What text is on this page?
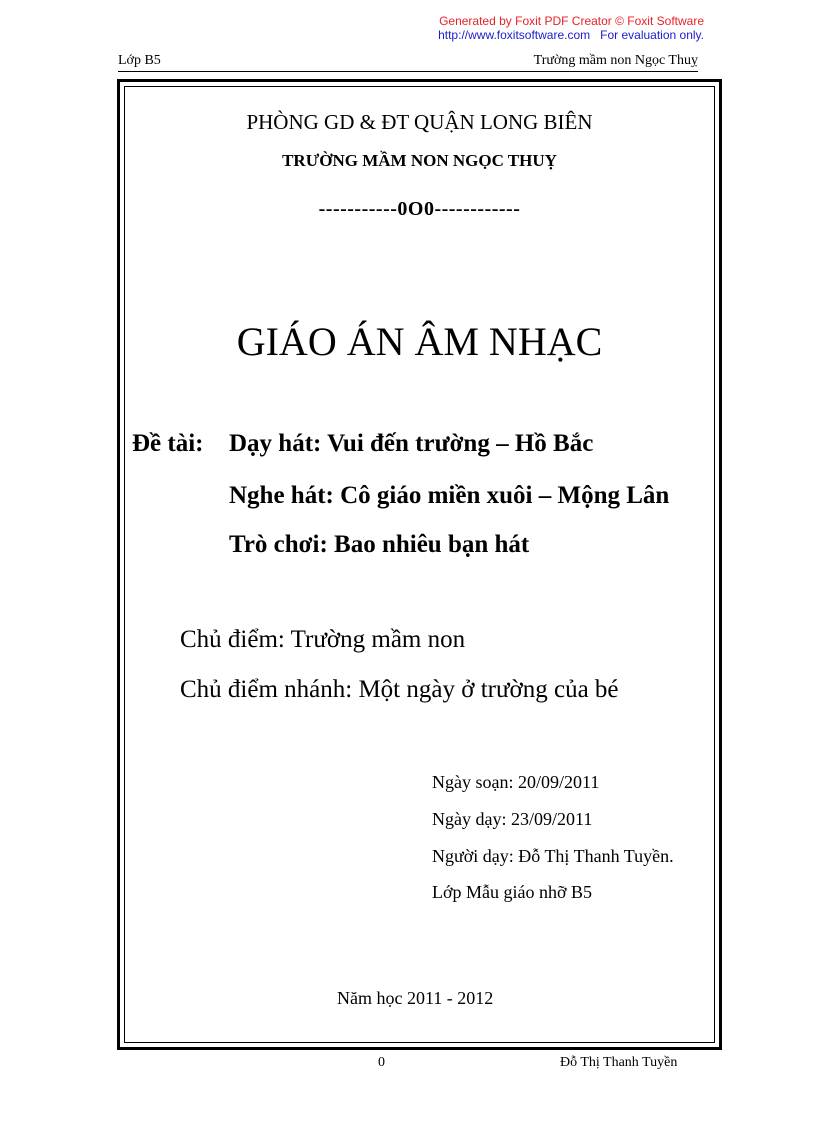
Generated by Foxit PDF Creator © Foxit Software
http://www.foxitsoftware.com For evaluation only.
Lớp B5	Trường mầm non Ngọc Thuỵ
PHÒNG GD & ĐT QUẬN LONG BIÊN
TRƯỜNG MẦM NON NGỌC THUỴ
-----------0O0------------
GIÁO ÁN ÂM NHẠC
Đề tài: Dạy hát: Vui đến trường – Hồ Bắc
Nghe hát: Cô giáo miền xuôi – Mộng Lân
Trò chơi: Bao nhiêu bạn hát
Chủ điểm: Trường mầm non
Chủ điểm nhánh: Một ngày ở trường của bé
Ngày soạn: 20/09/2011
Ngày dạy: 23/09/2011
Người dạy: Đỗ Thị Thanh Tuyền.
Lớp Mẫu giáo nhỡ B5
Năm học 2011 - 2012
0	Đỗ Thị Thanh Tuyền
